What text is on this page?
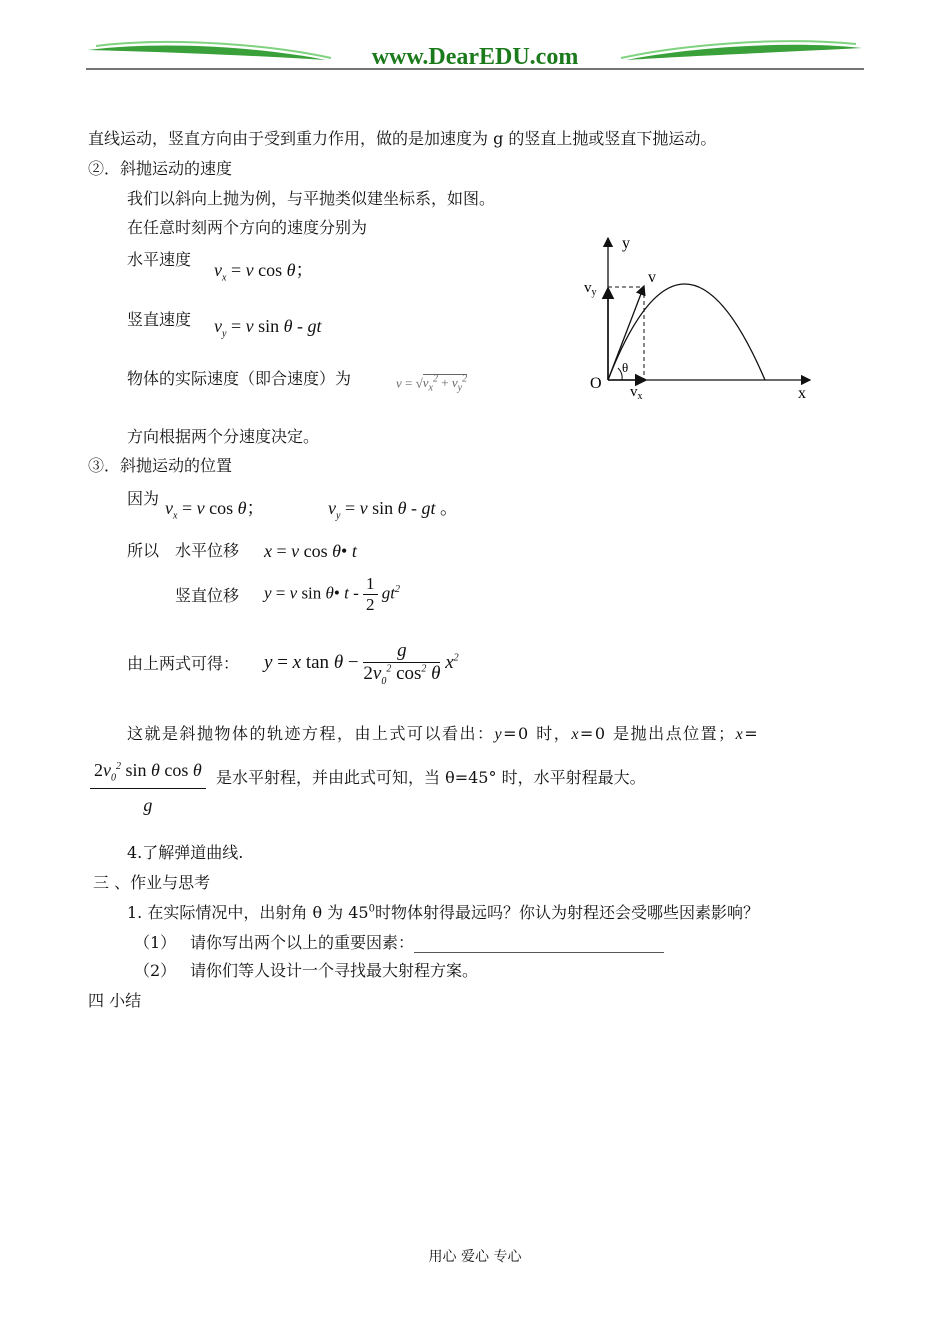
www.DearEDU.com
直线运动，竖直方向由于受到重力作用，做的是加速度为 g 的竖直上抛或竖直下抛运动。
②．斜抛运动的速度
我们以斜向上抛为例，与平抛类似建坐标系，如图。
在任意时刻两个方向的速度分别为
水平速度
$v_x = v$ cos θ；
竖直速度 $v_y = v$ sin θ - gt
物体的实际速度（即合速度）为	$v = √v_x^2 + v_y^2$
方向根据两个分速度决定。
③．斜抛运动的位置
因为 $v_x = v$ cos θ；	$v_y = v$ sin θ - gt 。
所以 水平位移 x = v cos θ• t
竖直位移 y = v sin θ• t - $\frac{1}{2} gt^2$
由上两式可得： y = x $\tan \theta - \frac{g}{2v_0^2 \cos^2 \theta} x^2$
这就是斜抛物体的轨迹方程，由上式可以看出：y=0 时，x=0 是抛出点位置；x=
$\frac{2v_0^2 \sin \theta \cos \theta}{g}$ 是水平射程，并由此式可知，当 θ=45° 时，水平射程最大。
4.了解弹道曲线.
三 、作业与思考
1. 在实际情况中，出射角 θ 为 $45^0$时物体射得最远吗？你认为射程还会受哪些因素影响？
（1） 请你写出两个以上的重要因素：
（2） 请你们等人设计一个寻找最大射程方案。
四 小结
y
x
O
v
$v_y$
$v_x$
θ
用心 爱心 专心
